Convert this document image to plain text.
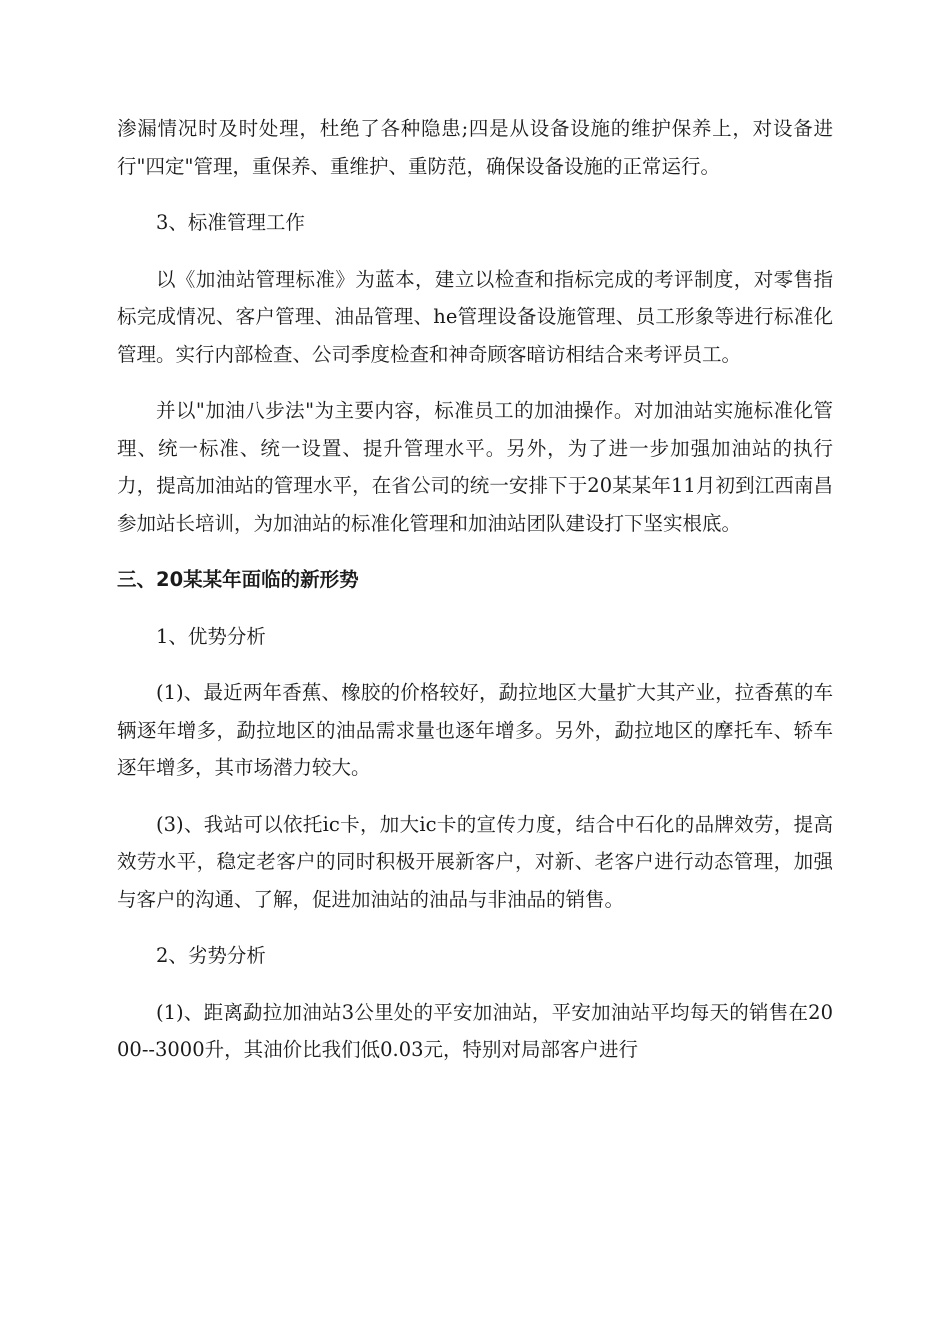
渗漏情况时及时处理，杜绝了各种隐患;四是从设备设施的维护保养上，对设备进行"四定"管理，重保养、重维护、重防范，确保设备设施的正常运行。

3、标准管理工作

以《加油站管理标准》为蓝本，建立以检查和指标完成的考评制度，对零售指标完成情况、客户管理、油品管理、he管理设备设施管理、员工形象等进行标准化管理。实行内部检查、公司季度检查和神奇顾客暗访相结合来考评员工。

并以"加油八步法"为主要内容，标准员工的加油操作。对加油站实施标准化管理、统一标准、统一设置、提升管理水平。另外，为了进一步加强加油站的执行力，提高加油站的管理水平，在省公司的统一安排下于20某某年11月初到江西南昌参加站长培训，为加油站的标准化管理和加油站团队建设打下坚实根底。

三、20某某年面临的新形势

1、优势分析

(1)、最近两年香蕉、橡胶的价格较好，勐拉地区大量扩大其产业，拉香蕉的车辆逐年增多，勐拉地区的油品需求量也逐年增多。另外，勐拉地区的摩托车、轿车逐年增多，其市场潜力较大。

(3)、我站可以依托ic卡，加大ic卡的宣传力度，结合中石化的品牌效劳，提高效劳水平，稳定老客户的同时积极开展新客户，对新、老客户进行动态管理，加强与客户的沟通、了解，促进加油站的油品与非油品的销售。

2、劣势分析

(1)、距离勐拉加油站3公里处的平安加油站，平安加油站平均每天的销售在2000--3000升，其油价比我们低0.03元，特别对局部客户进行
